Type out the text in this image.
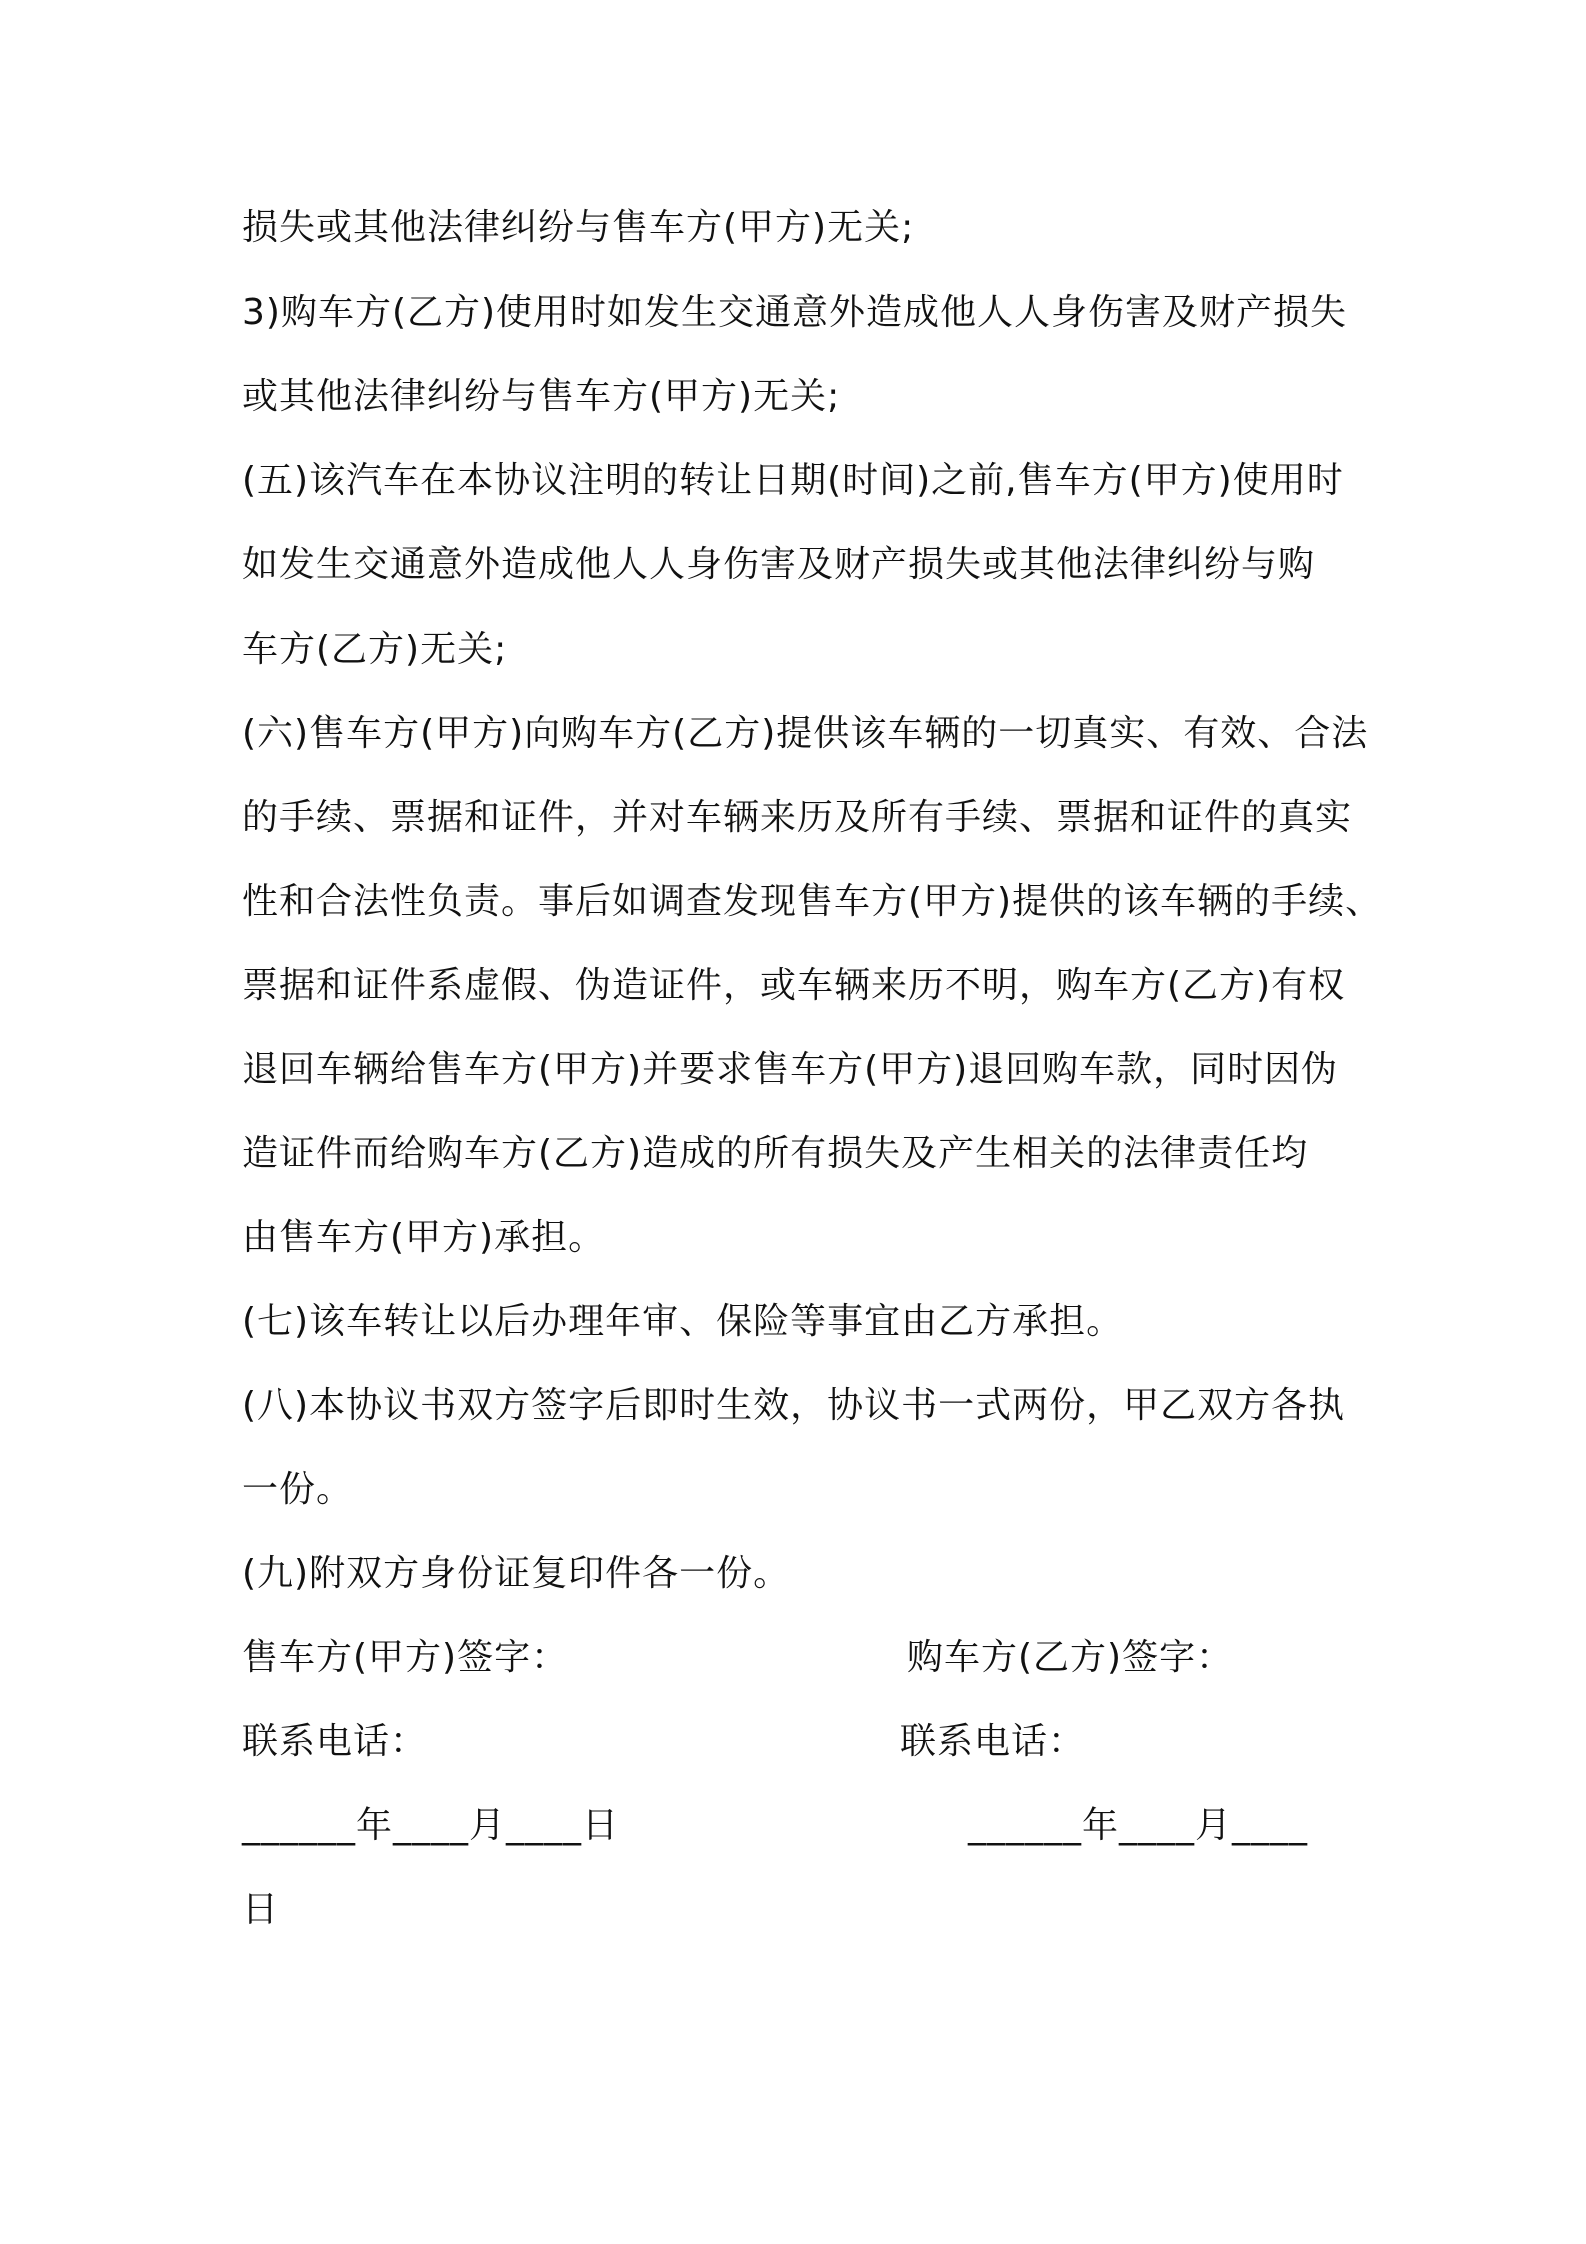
损失或其他法律纠纷与售车方(甲方)无关;
3)购车方(乙方)使用时如发生交通意外造成他人人身伤害及财产损失
或其他法律纠纷与售车方(甲方)无关;
(五)该汽车在本协议注明的转让日期(时间)之前,售车方(甲方)使用时
如发生交通意外造成他人人身伤害及财产损失或其他法律纠纷与购
车方(乙方)无关;
(六)售车方(甲方)向购车方(乙方)提供该车辆的一切真实、有效、合法
的手续、票据和证件，并对车辆来历及所有手续、票据和证件的真实
性和合法性负责。事后如调查发现售车方(甲方)提供的该车辆的手续、
票据和证件系虚假、伪造证件，或车辆来历不明，购车方(乙方)有权
退回车辆给售车方(甲方)并要求售车方(甲方)退回购车款，同时因伪
造证件而给购车方(乙方)造成的所有损失及产生相关的法律责任均
由售车方(甲方)承担。
(七)该车转让以后办理年审、保险等事宜由乙方承担。
(八)本协议书双方签字后即时生效，协议书一式两份，甲乙双方各执
一份。
(九)附双方身份证复印件各一份。
售车方(甲方)签字：	购车方(乙方)签字：
联系电话：	联系电话：
______年____月____日	______年____月____
日
